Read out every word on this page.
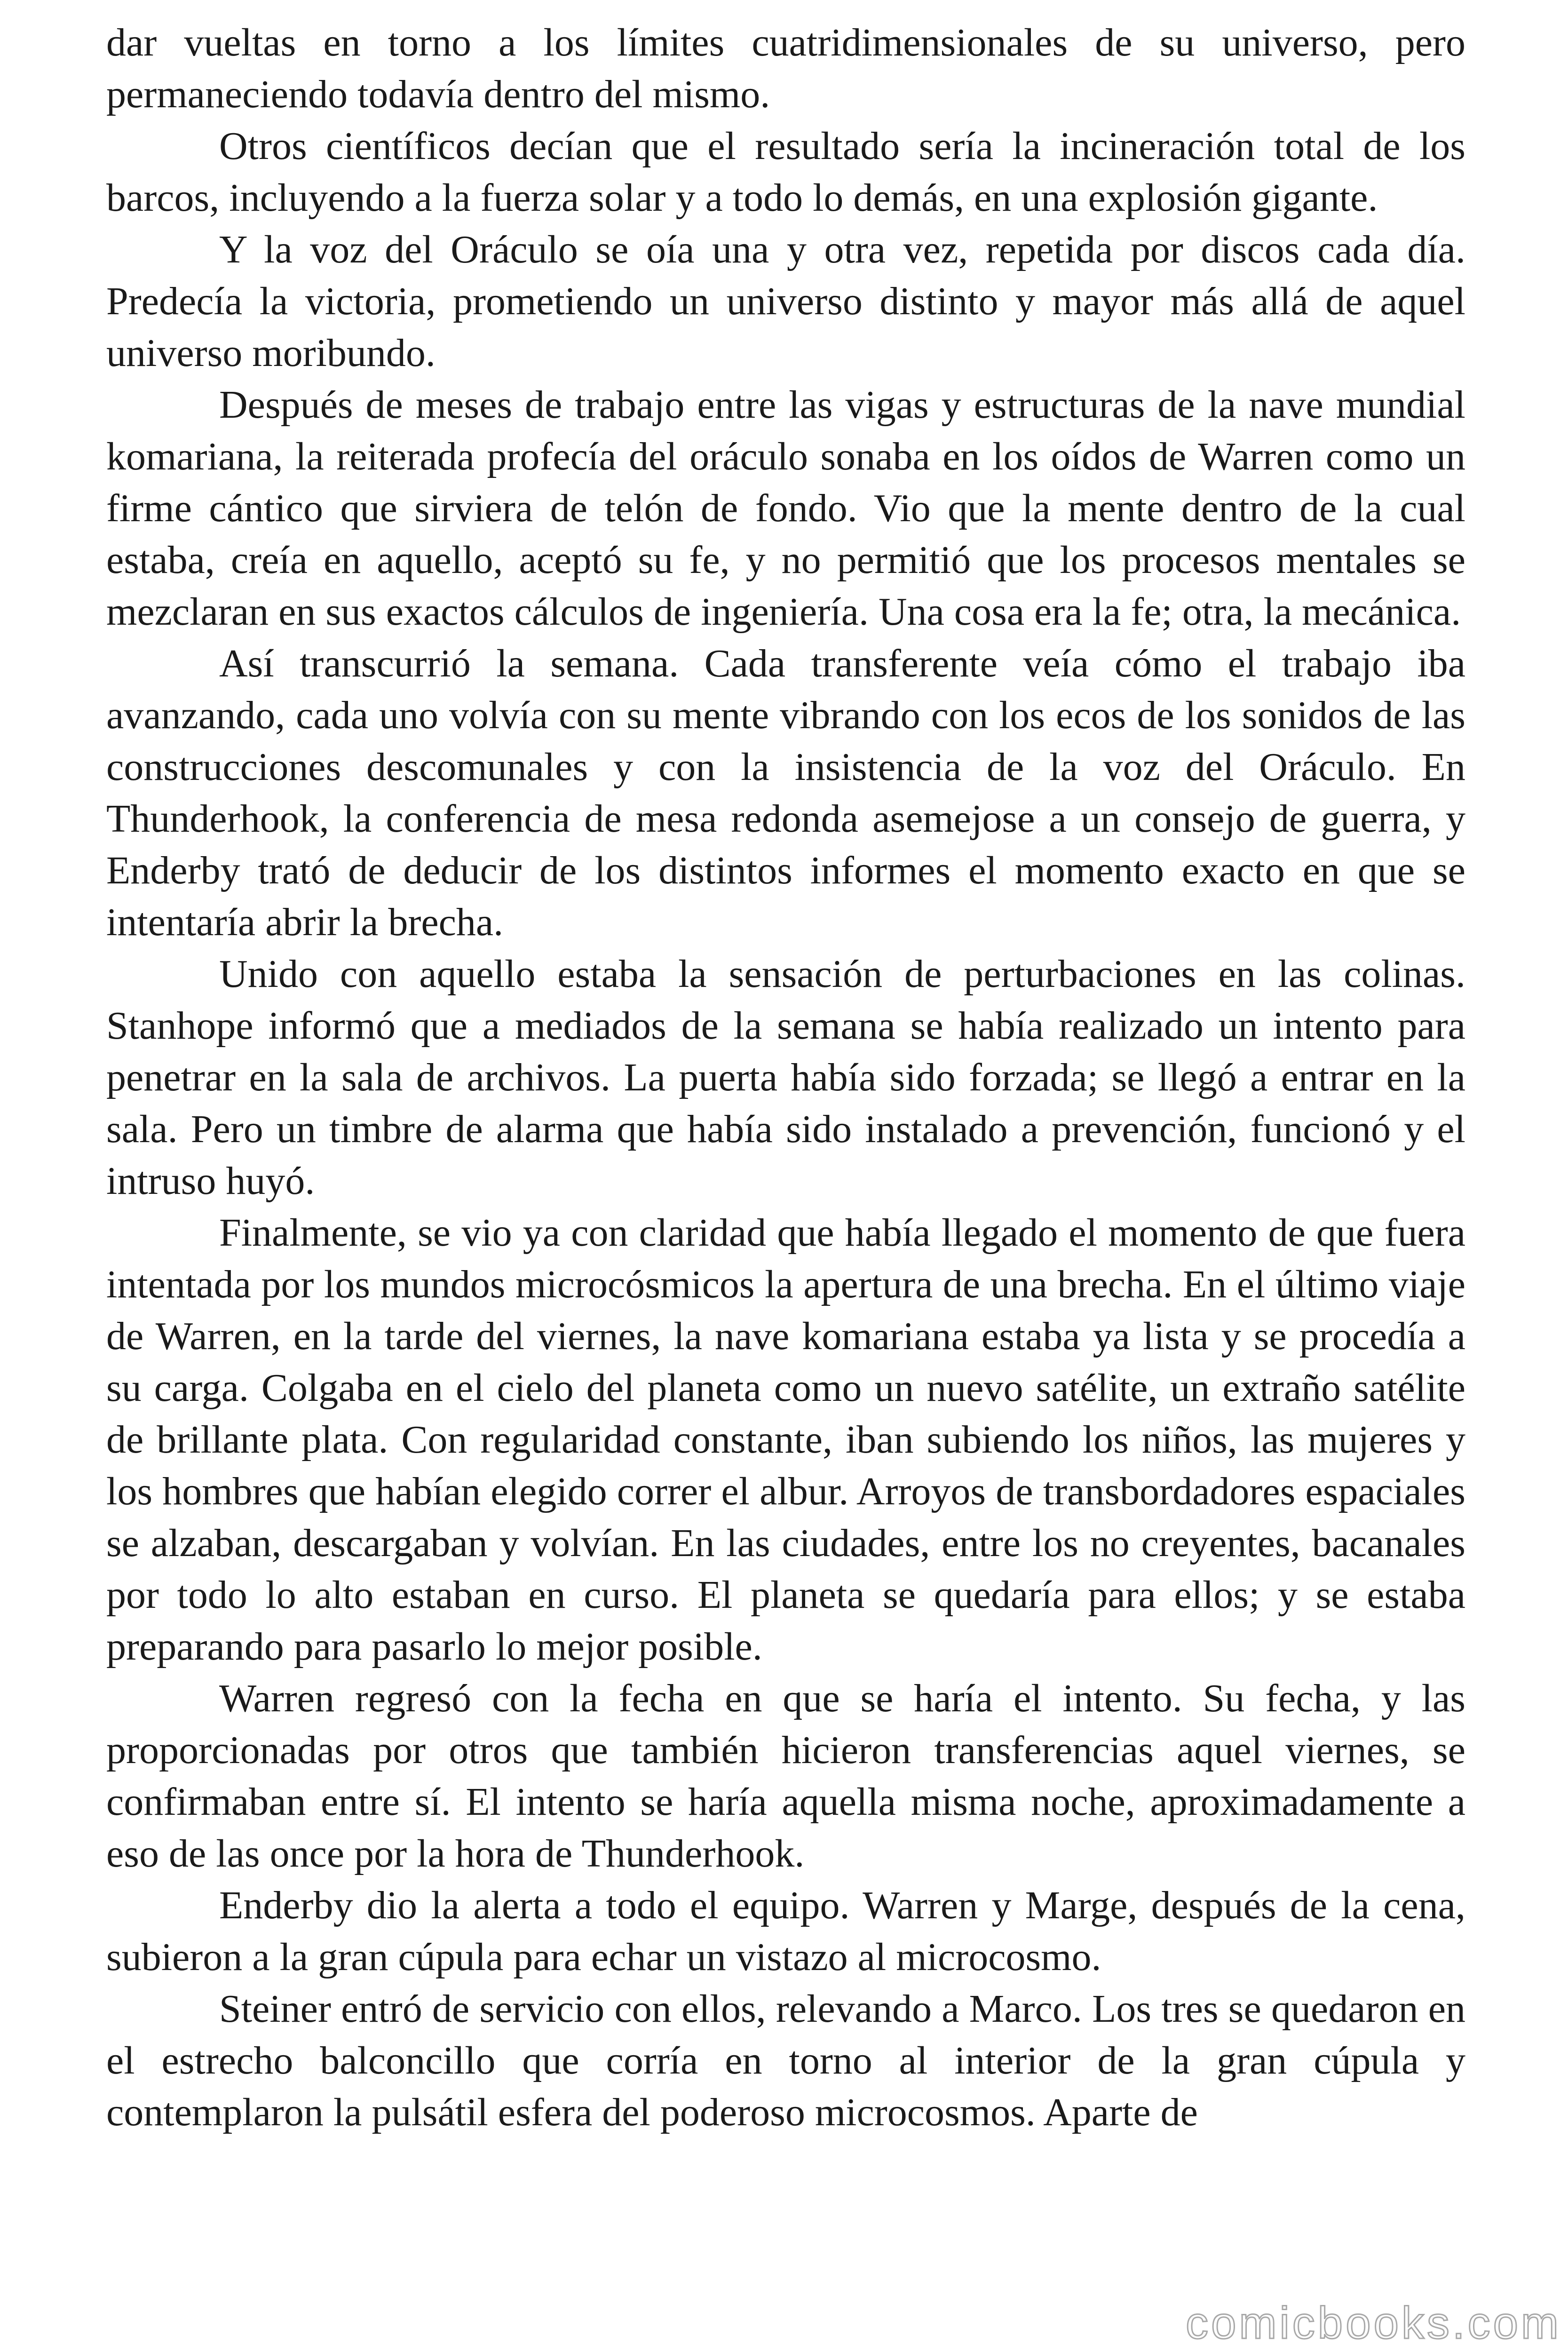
dar vueltas en torno a los límites cuatridimensionales de su universo, pero permaneciendo todavía dentro del mismo.

Otros científicos decían que el resultado sería la incineración total de los barcos, incluyendo a la fuerza solar y a todo lo demás, en una explosión gigante.

Y la voz del Oráculo se oía una y otra vez, repetida por discos cada día. Predecía la victoria, prometiendo un universo distinto y mayor más allá de aquel universo moribundo.

Después de meses de trabajo entre las vigas y estructuras de la nave mundial komariana, la reiterada profecía del oráculo sonaba en los oídos de Warren como un firme cántico que sirviera de telón de fondo. Vio que la mente dentro de la cual estaba, creía en aquello, aceptó su fe, y no permitió que los procesos mentales se mezclaran en sus exactos cálculos de ingeniería. Una cosa era la fe; otra, la mecánica.

Así transcurrió la semana. Cada transferente veía cómo el trabajo iba avanzando, cada uno volvía con su mente vibrando con los ecos de los sonidos de las construcciones descomunales y con la insistencia de la voz del Oráculo. En Thunderhook, la conferencia de mesa redonda asemejose a un consejo de guerra, y Enderby trató de deducir de los distintos informes el momento exacto en que se intentaría abrir la brecha.

Unido con aquello estaba la sensación de perturbaciones en las colinas. Stanhope informó que a mediados de la semana se había realizado un intento para penetrar en la sala de archivos. La puerta había sido forzada; se llegó a entrar en la sala. Pero un timbre de alarma que había sido instalado a prevención, funcionó y el intruso huyó.

Finalmente, se vio ya con claridad que había llegado el momento de que fuera intentada por los mundos microcósmicos la apertura de una brecha. En el último viaje de Warren, en la tarde del viernes, la nave komariana estaba ya lista y se procedía a su carga. Colgaba en el cielo del planeta como un nuevo satélite, un extraño satélite de brillante plata. Con regularidad constante, iban subiendo los niños, las mujeres y los hombres que habían elegido correr el albur. Arroyos de transbordadores espaciales se alzaban, descargaban y volvían. En las ciudades, entre los no creyentes, bacanales por todo lo alto estaban en curso. El planeta se quedaría para ellos; y se estaba preparando para pasarlo lo mejor posible.

Warren regresó con la fecha en que se haría el intento. Su fecha, y las proporcionadas por otros que también hicieron transferencias aquel viernes, se confirmaban entre sí. El intento se haría aquella misma noche, aproximadamente a eso de las once por la hora de Thunderhook.

Enderby dio la alerta a todo el equipo. Warren y Marge, después de la cena, subieron a la gran cúpula para echar un vistazo al microcosmo.

Steiner entró de servicio con ellos, relevando a Marco. Los tres se quedaron en el estrecho balconcillo que corría en torno al interior de la gran cúpula y contemplaron la pulsátil esfera del poderoso microcosmos. Aparte de

comicbooks.com
